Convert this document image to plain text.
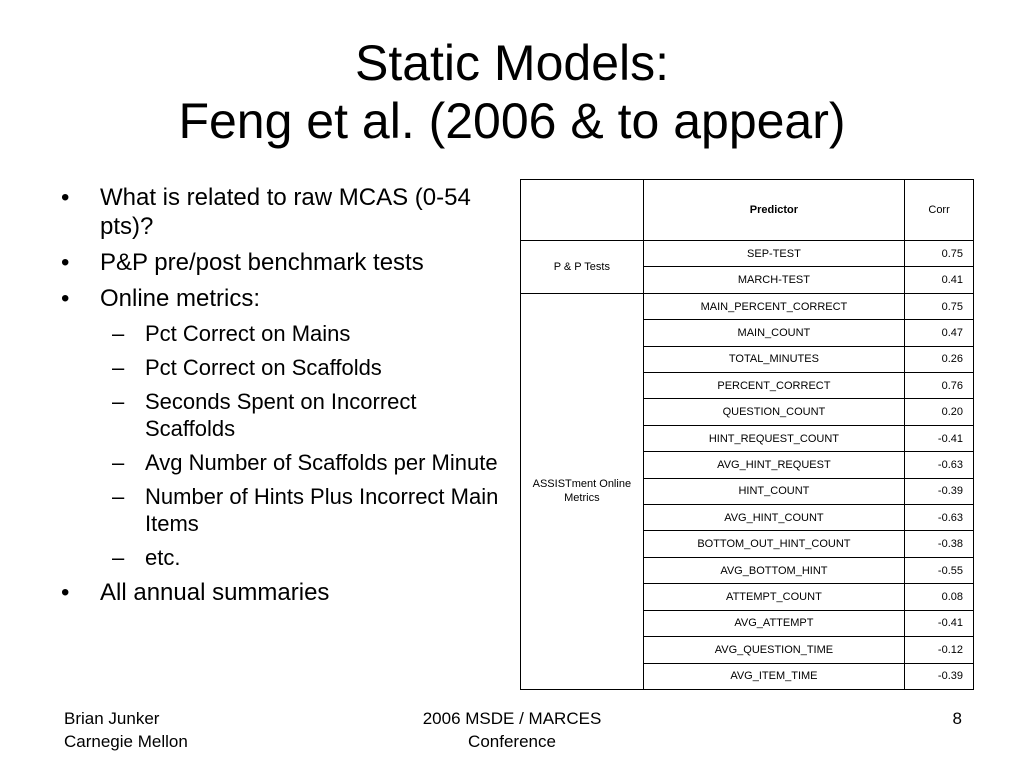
Static Models:
Feng et al. (2006 & to appear)
• What is related to raw MCAS (0-54 pts)?
• P&P pre/post benchmark tests
• Online metrics:
– Pct Correct on Mains
– Pct Correct on Scaffolds
– Seconds Spent on Incorrect Scaffolds
– Avg Number of Scaffolds per Minute
– Number of Hints Plus Incorrect Main Items
– etc.
• All annual summaries
	Predictor	Corr
P & P Tests	SEP-TEST	0.75
	MARCH-TEST	0.41
ASSISTment Online Metrics	MAIN_PERCENT_CORRECT	0.75
	MAIN_COUNT	0.47
	TOTAL_MINUTES	0.26
	PERCENT_CORRECT	0.76
	QUESTION_COUNT	0.20
	HINT_REQUEST_COUNT	-0.41
	AVG_HINT_REQUEST	-0.63
	HINT_COUNT	-0.39
	AVG_HINT_COUNT	-0.63
	BOTTOM_OUT_HINT_COUNT	-0.38
	AVG_BOTTOM_HINT	-0.55
	ATTEMPT_COUNT	0.08
	AVG_ATTEMPT	-0.41
	AVG_QUESTION_TIME	-0.12
	AVG_ITEM_TIME	-0.39
Brian Junker
Carnegie Mellon
2006 MSDE / MARCES
Conference
8
